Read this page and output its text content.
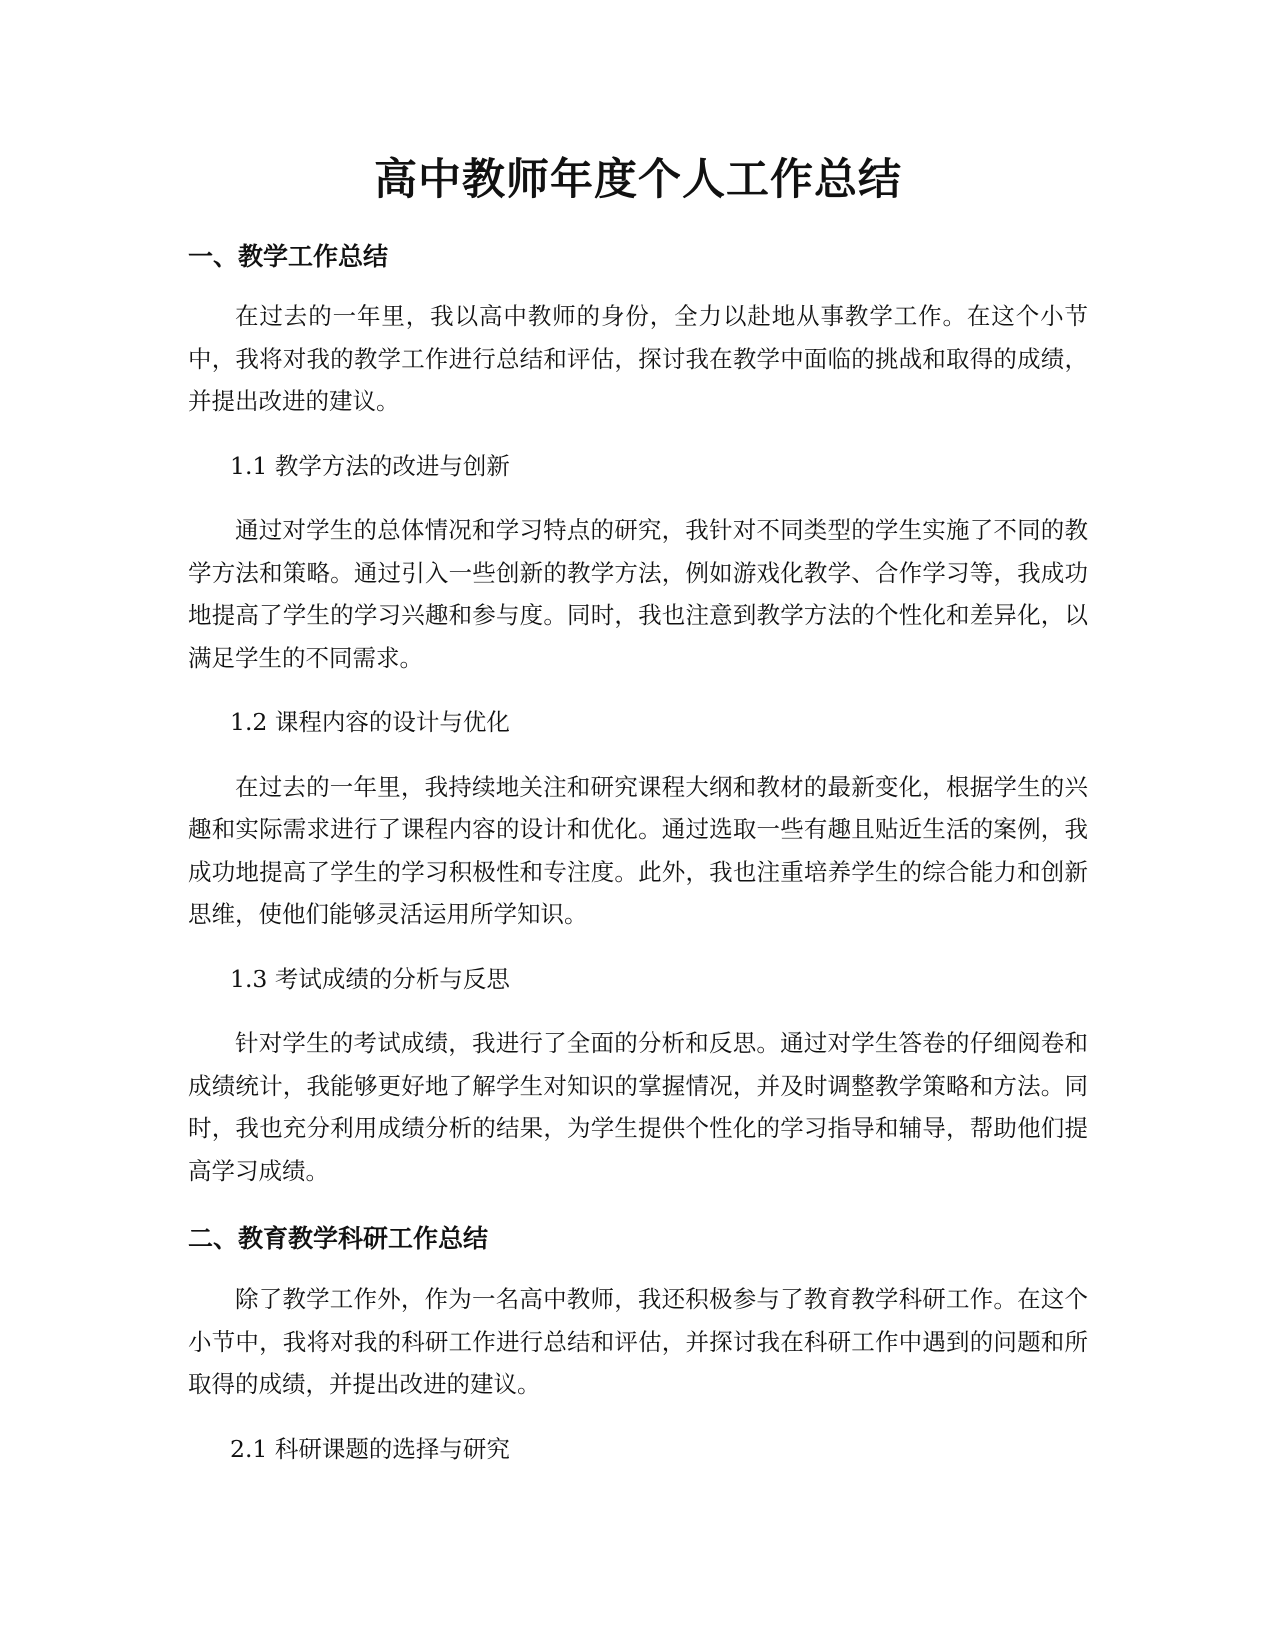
高中教师年度个人工作总结
一、教学工作总结

在过去的一年里，我以高中教师的身份，全力以赴地从事教学工作。在这个小节中，我将对我的教学工作进行总结和评估，探讨我在教学中面临的挑战和取得的成绩，并提出改进的建议。

1.1 教学方法的改进与创新

通过对学生的总体情况和学习特点的研究，我针对不同类型的学生实施了不同的教学方法和策略。通过引入一些创新的教学方法，例如游戏化教学、合作学习等，我成功地提高了学生的学习兴趣和参与度。同时，我也注意到教学方法的个性化和差异化，以满足学生的不同需求。

1.2 课程内容的设计与优化

在过去的一年里，我持续地关注和研究课程大纲和教材的最新变化，根据学生的兴趣和实际需求进行了课程内容的设计和优化。通过选取一些有趣且贴近生活的案例，我成功地提高了学生的学习积极性和专注度。此外，我也注重培养学生的综合能力和创新思维，使他们能够灵活运用所学知识。

1.3 考试成绩的分析与反思

针对学生的考试成绩，我进行了全面的分析和反思。通过对学生答卷的仔细阅卷和成绩统计，我能够更好地了解学生对知识的掌握情况，并及时调整教学策略和方法。同时，我也充分利用成绩分析的结果，为学生提供个性化的学习指导和辅导，帮助他们提高学习成绩。

二、教育教学科研工作总结

除了教学工作外，作为一名高中教师，我还积极参与了教育教学科研工作。在这个小节中，我将对我的科研工作进行总结和评估，并探讨我在科研工作中遇到的问题和所取得的成绩，并提出改进的建议。

2.1 科研课题的选择与研究
